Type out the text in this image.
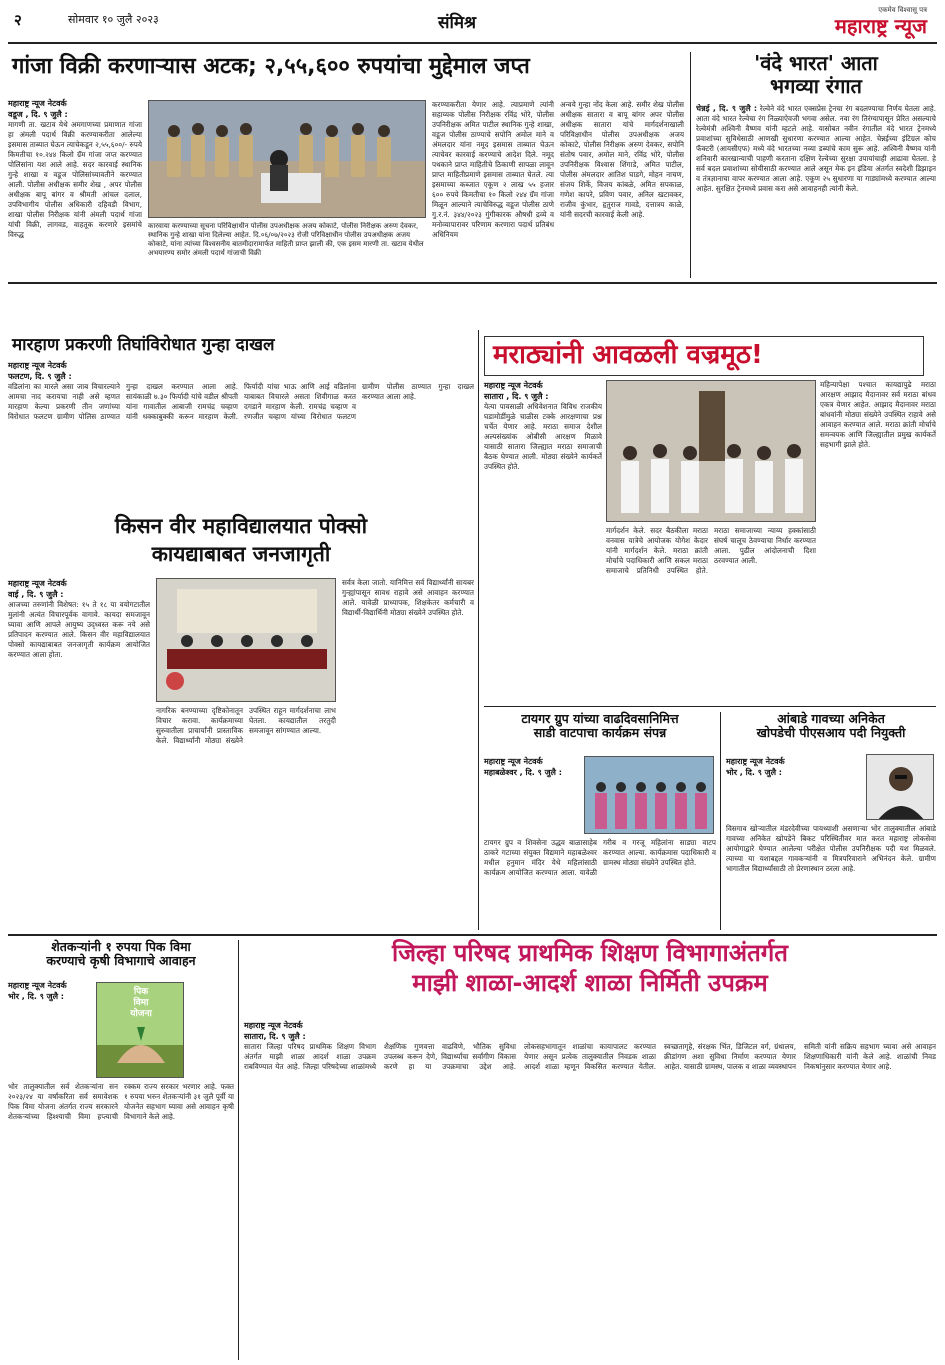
२	सोमवार १० जुलै २०२३	संमिश्र
एकमेव विश्वासू पत्र
महाराष्ट्र न्यूज
गांजा विक्री करणाऱ्यास अटक; २,५५,६०० रुपयांचा मुद्देमाल जप्त
महाराष्ट्र न्यूज नेटवर्क
वडूज , दि. ९ जुलै :
मागणी ता. खटाव येथे अमगाणच्या प्रमाणात गांजा हा अंमली पदार्थ विक्री करण्याकरीता आलेल्या इसमास ताब्यात घेऊन त्याचेकडून २,५५,६००/- रुपये किमतीचा १०.२४४ किलो ग्रॅम गांजा जप्त करण्यात पोलिसांना यश आले आहे. सदर कारवाई स्थानिक गुन्हे शाखा व वडूज पोलिसांच्यावतीने करण्यात आली. पोलीस अधीक्षक समीर शेख , अपर पोलीस अधीक्षक बापू बांगर व श्रीमती आंचल दलाल, उपविभागीय पोलीस अधिकारी दहिवडी विभाग, शाखा पोलीस निरीक्षक यांनी अंमली पदार्थ गांजा यांची विक्री, लागवड, वाहतूक करणारे इसमांचे विरुद्ध
कारवाया करण्याच्या सूचना परिविक्षाधीन पोलीस उपअधीक्षक अजय कोकाटे, पोलीस निरीक्षक अरुण देवकर, स्थानिक गुन्हे शाखा यांना दिलेल्या आहेत. दि.०६/०७/२०२३ रोजी परिविक्षाधीन पोलीस उपअधीक्षक अजय कोकाटे, यांना त्यांच्या विश्वसनीय बातमीदारामार्फत माहिती प्राप्त झाली की, एक इसम मारणी ता. खटाव येथील अभयारण्य समोर अंमली पदार्थ गांजाची विक्री
करण्याकरीता येणार आहे. त्याप्रमाणे त्यांनी सहाय्यक पोलीस निरीक्षक रविंद्र भोरे, पोलीस उपनिरीक्षक अमित पाटील स्थानिक गुन्हे शाखा, वडूज पोलीस ठाण्याचे सपोनि अमोल माने व अंमलदार यांना नमूद इसमास ताब्यात घेऊन त्याचेवर कारवाई करण्याचे आदेश दिले. नमूद पथकाने प्राप्त माहितीचे ठिकाणी सापळा लावून प्राप्त माहितीप्रमाणे इसमास ताब्यात घेतले. त्या इसमाच्या कब्जात एकूण २ लाख ५५ हजार ६०० रुपये किमतीचा १० किलो २४४ ग्रॅम गांजा मिळून आल्याने त्याचेविरुद्ध वडूज पोलीस ठाणे गु.र.नं. ३४४/२०२३ गुंगीकारक औषधी द्रव्ये व मनोव्यापारावर परिणाम करणारा पदार्थ प्रतिबंध अधिनियम
अन्वये गुन्हा नोंद केला आहे. समीर शेख पोलीस अधीक्षक सातारा व बापू बांगर अपर पोलीस अधीक्षक सातारा यांचे मार्गदर्शनाखाली परिविक्षाधीन पोलीस उपअधीक्षक अजय कोकाटे, पोलीस निरीक्षक अरुण देवकर, सपोनि संतोष पवार, अमोल माने, रविंद्र भोरे, पोलीस उपनिरीक्षक विश्वास शिंगाडे, अमित पाटील, पोलीस अंमलदार आतिश घाडगे, मोहन नाचण, संजय शिर्के, विजय कांबळे, अमित सपकाळ, गणेश कापरे, प्रविण पवार, अनिल खटावकर, राजीव कुंभार, हृतुराज गावडे, दत्तात्रय काळे, यांनी सदरची कारवाई केली आहे.
'वंदे भारत' आता
भगव्या रंगात
चेन्नई , दि. ९ जुलै : रेल्वेने वंदे भारत एक्सप्रेस ट्रेनचा रंग बदलण्याचा निर्णय घेतला आहे. आता वंदे भारत रेल्वेचा रंग निळ्याऐवजी भगवा असेल. नवा रंग तिरंग्यापासून प्रेरित असल्याचे रेल्वेमंत्री अश्विनी वैष्णव यांनी म्हटले आहे. यासोबत नवीन रंगातील वंदे भारत ट्रेनमध्ये प्रवाशांच्या सुविधेसाठी आणखी सुधारणा करण्यात आल्या आहेत. चेन्नईच्या इंटिग्रल कोच फॅक्टरी (आयसीएफ) मध्ये वंदे भारतच्या नव्या डब्यांचे काम सुरू आहे. अश्विनी वैष्णव यांनी शनिवारी कारखान्याची पाहणी करताना दक्षिण रेल्वेच्या सुरक्षा उपायांचाही आढावा घेतला. हे सर्व बदल प्रवाशांच्या सोयीसाठी करण्यात आले असून मेक इन इंडिया अंतर्गत स्वदेशी डिझाइन व तंत्रज्ञानाचा वापर करण्यात आला आहे. एकूण २५ सुधारणा या गाड्यांमध्ये करण्यात आल्या आहेत. सुरक्षित ट्रेनमध्ये प्रवास करा असे आवाहनही त्यांनी केले.
मारहाण प्रकरणी तिघांविरोधात गुन्हा दाखल
महाराष्ट्र न्यूज नेटवर्क
फलटण, दि. ९ जुलै :
वडिलांना का मारले असा जाब विचारल्याने आमचा नाद करायचा नाही असे म्हणत मारहाण केल्या प्रकरणी तीन जणांच्या विरोधात फलटण ग्रामीण पोलिस ठाण्यात गुन्हा दाखल करण्यात आला आहे. सायंकाळी ७.३० फिर्यादी यांचे वडील श्रीपती यांना गावातील आबाजी रामचंद्र चव्हाण यांनी धक्काबुक्की करून मारहाण केली. फिर्यादी यांचा भाऊ आणि आई वडिलांना याबाबत विचारले असता शिवीगाळ करत दगडाने मारहाण केली. रामचंद्र चव्हाण व रणजीत चव्हाण यांच्या विरोधात फलटण ग्रामीण पोलीस ठाण्यात गुन्हा दाखल करण्यात आला आहे.
मराठ्यांनी आवळली वज्रमूठ!
महाराष्ट्र न्यूज नेटवर्क
सातारा , दि. ९ जुलै :
येत्या पावसाळी अधिवेशनात विविध राजकीय घडामोडींमुळे चाळीस टक्के आरक्षणाचा प्रश्न चर्चेत येणार आहे. मराठा समाज देशील अल्पसंख्यांक ओबीसी आरक्षण मिळावे यासाठी सातारा जिल्ह्यात मराठा समाजाची बैठक घेण्यात आली. मोठ्या संख्येने कार्यकर्ते उपस्थित होते.
मार्गदर्शन केले. सदर बैठकीला मराठा वनवास यात्रेचे आयोजक योगेश केदार यांनी मार्गदर्शन केले. मराठा क्रांती मोर्चाचे पदाधिकारी आणि सकल मराठा समाजाचे प्रतिनिधी उपस्थित होते. मराठा समाजाच्या न्याय्य हक्कांसाठी संघर्ष चालूच ठेवण्याचा निर्धार करण्यात आला. पुढील आंदोलनाची दिशा ठरवण्यात आली.
महिन्यापेक्षा पश्चात कायद्यापुढे मराठा आरक्षण आझाद मैदानावर सर्व मराठा बांधव एकत्र येणार आहेत. आझाद मैदानावर मराठा बांधवांनी मोठ्या संख्येने उपस्थित राहावे असे आवाहन करण्यात आले. मराठा क्रांती मोर्चाचे समन्वयक आणि जिल्ह्यातील प्रमुख कार्यकर्ते सहभागी झाले होते.
किसन वीर महाविद्यालयात पोक्सो
कायद्याबाबत जनजागृती
महाराष्ट्र न्यूज नेटवर्क
वाई , दि. ९ जुलै :
आजच्या तरुणांनी विशेषत: १५ ते १८ या वयोगटातील मुलांनी अत्यंत विचारपूर्वक वागावे. कायदा समजावून घ्यावा आणि आपले आयुष्य उद्ध्वस्त करू नये असे प्रतिपादन करण्यात आले. किसन वीर महाविद्यालयात पोक्सो कायद्याबाबत जनजागृती कार्यक्रम आयोजित करण्यात आला होता.
नागरिक बनण्याच्या दृष्टिकोनातून विचार करावा. कार्यक्रमाच्या सुरुवातीला प्राचार्यांनी प्रास्ताविक केले. विद्यार्थ्यांनी मोठ्या संख्येने उपस्थित राहून मार्गदर्शनाचा लाभ घेतला. कायद्यातील तरतुदी समजावून सांगण्यात आल्या.
सर्वत्र केला जातो. यानिमित्त सर्व विद्यार्थ्यांनी सायबर गुन्ह्यांपासून सावध राहावे असे आवाहन करण्यात आले. यावेळी प्राध्यापक, शिक्षकेतर कर्मचारी व विद्यार्थी-विद्यार्थिनी मोठ्या संख्येने उपस्थित होते.
टायगर ग्रुप यांच्या वाढदिवसानिमित्त
साडी वाटपाचा कार्यक्रम संपन्न
महाराष्ट्र न्यूज नेटवर्क
महाबळेश्वर , दि. ९ जुलै :
टायगर ग्रुप व शिवसेना उद्धव बाळासाहेब ठाकरे गटाच्या संयुक्त विद्यमाने महाबळेश्वर मधील हनुमान मंदिर येथे महिलांसाठी कार्यक्रम आयोजित करण्यात आला. यावेळी गरीब व गरजू महिलांना साड्या वाटप करण्यात आल्या. कार्यक्रमास पदाधिकारी व ग्रामस्थ मोठ्या संख्येने उपस्थित होते.
आंबाडे गावच्या अनिकेत
खोपडेची पीएसआय पदी नियुक्ती
महाराष्ट्र न्यूज नेटवर्क
भोर , दि. ९ जुलै :
विसगाव खोऱ्यातील मंडरदेवीच्या पायथ्याशी असणाऱ्या भोर तालुक्यातील आंबाडे गावच्या अनिकेत खोपडेने बिकट परिस्थितीवर मात करत महाराष्ट्र लोकसेवा आयोगाद्वारे घेण्यात आलेल्या परीक्षेत पोलीस उपनिरीक्षक पदी यश मिळवले. त्याच्या या यशाबद्दल गावकऱ्यांनी व मित्रपरिवाराने अभिनंदन केले. ग्रामीण भागातील विद्यार्थ्यांसाठी तो प्रेरणास्थान ठरला आहे.
शेतकऱ्यांनी १ रुपया पिक विमा
करण्याचे कृषी विभागाचे आवाहन
महाराष्ट्र न्यूज नेटवर्क
भोर , दि. ९ जुलै :	पिक
विमा
योजना
भोर तालुक्यातील सर्व शेतकऱ्यांना सन २०२३/२४ या वर्षांकरिता सर्व समावेशक पिक विमा योजना अंतर्गत राज्य सरकारने शेतकऱ्यांच्या हिश्श्याची विमा हप्त्याची रक्कम राज्य सरकार भरणार आहे. फक्त १ रुपया भरुन शेतकऱ्यांनी ३१ जुलै पूर्वी या योजनेत सहभाग घ्यावा असे आवाहन कृषी विभागाने केले आहे.
जिल्हा परिषद प्राथमिक शिक्षण विभागाअंतर्गत
माझी शाळा-आदर्श शाळा निर्मिती उपक्रम
महाराष्ट्र न्यूज नेटवर्क
सातारा, दि. ९ जुलै :
सातारा जिल्हा परिषद प्राथमिक शिक्षण विभाग अंतर्गत माझी शाळा आदर्श शाळा उपक्रम राबविण्यात येत आहे. जिल्हा परिषदेच्या शाळांमध्ये शैक्षणिक गुणवत्ता वाढविणे, भौतिक सुविधा उपलब्ध करून देणे, विद्यार्थ्यांचा सर्वांगीण विकास करणे हा या उपक्रमाचा उद्देश आहे. लोकसहभागातून शाळांचा कायापालट करण्यात येणार असून प्रत्येक तालुक्यातील निवडक शाळा आदर्श शाळा म्हणून विकसित करण्यात येतील. स्वच्छतागृहे, संरक्षक भिंत, डिजिटल वर्ग, ग्रंथालय, क्रीडांगण अशा सुविधा निर्माण करण्यात येणार आहेत. यासाठी ग्रामस्थ, पालक व शाळा व्यवस्थापन समिती यांनी सक्रिय सहभाग घ्यावा असे आवाहन शिक्षणाधिकारी यांनी केले आहे. शाळांची निवड निकषांनुसार करण्यात येणार आहे.
